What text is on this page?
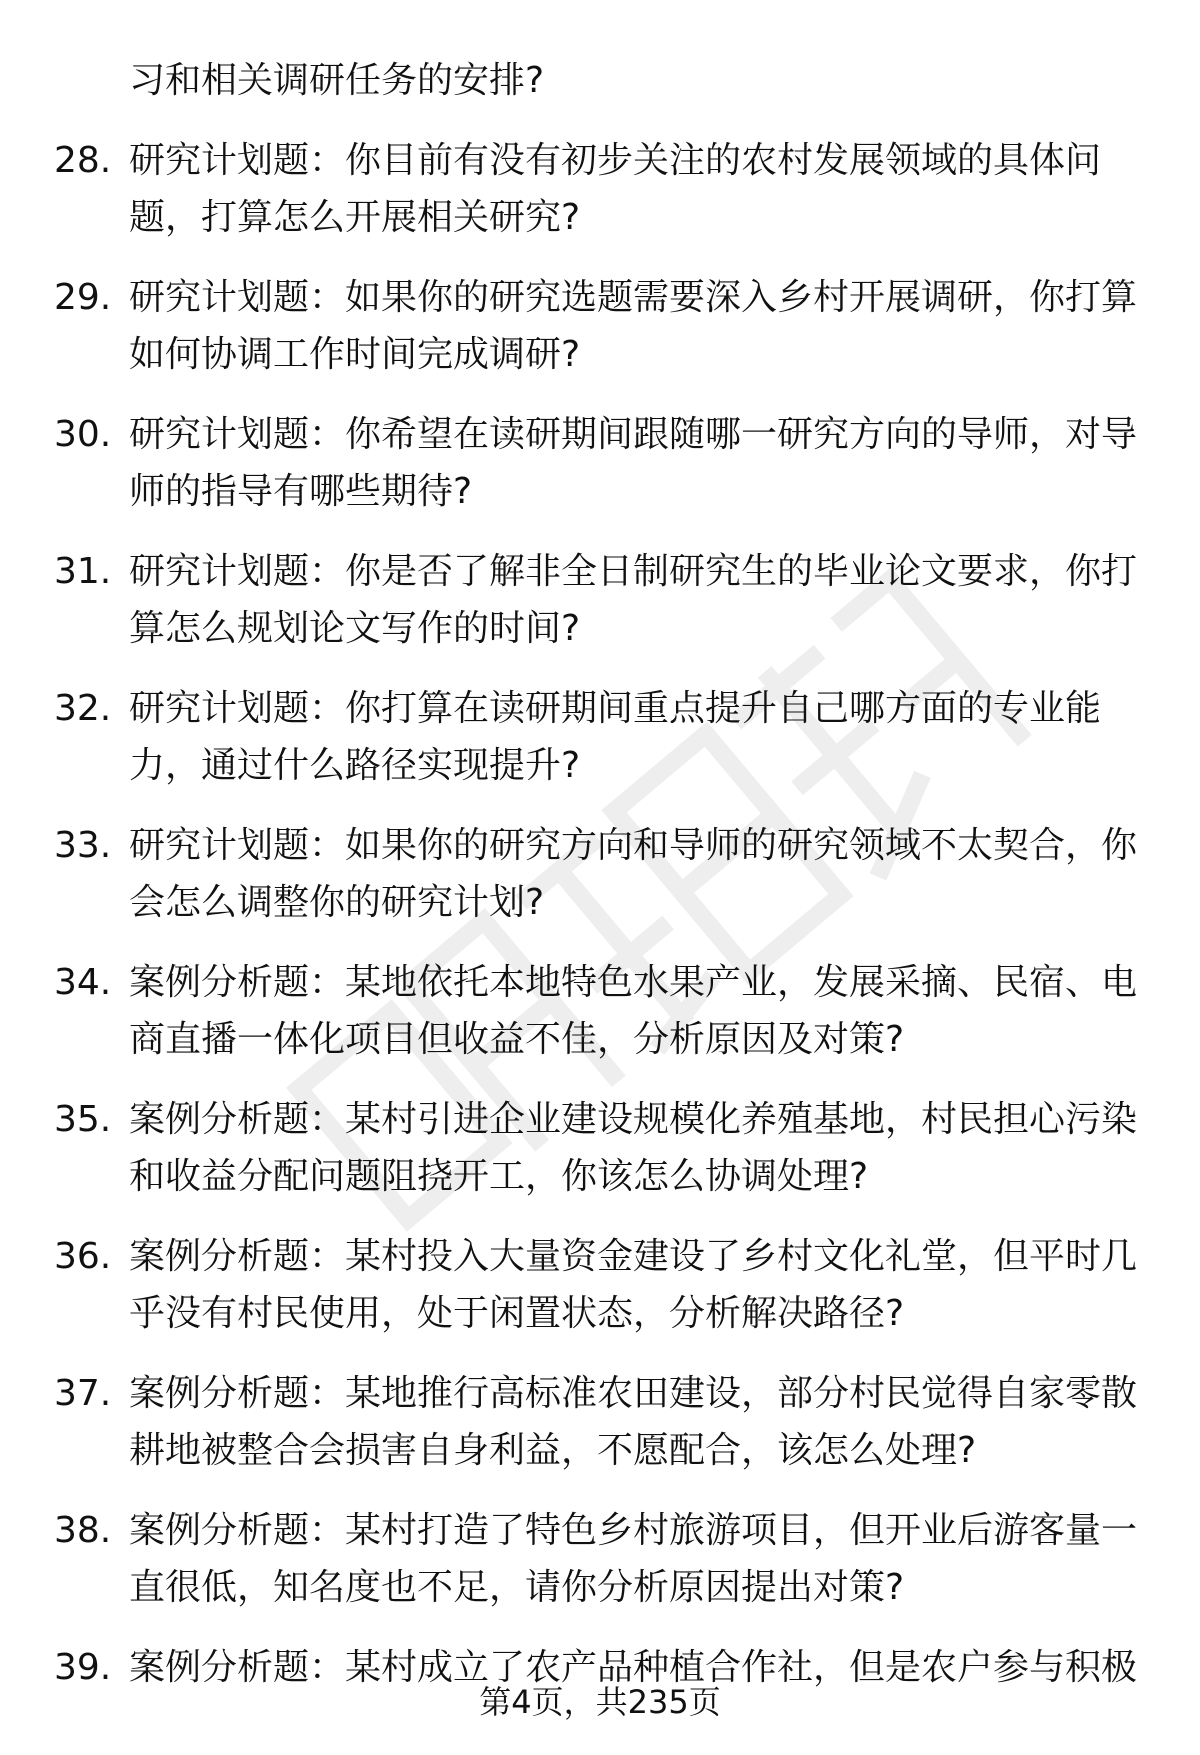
习和相关调研任务的安排?
28. 研究计划题：你目前有没有初步关注的农村发展领域的具体问
题，打算怎么开展相关研究?
29. 研究计划题：如果你的研究选题需要深入乡村开展调研，你打算
如何协调工作时间完成调研?
30. 研究计划题：你希望在读研期间跟随哪一研究方向的导师，对导
师的指导有哪些期待?
31. 研究计划题：你是否了解非全日制研究生的毕业论文要求，你打
算怎么规划论文写作的时间?
32. 研究计划题：你打算在读研期间重点提升自己哪方面的专业能
力，通过什么路径实现提升?
33. 研究计划题：如果你的研究方向和导师的研究领域不太契合，你
会怎么调整你的研究计划?
34. 案例分析题：某地依托本地特色水果产业，发展采摘、民宿、电
商直播一体化项目但收益不佳，分析原因及对策?
35. 案例分析题：某村引进企业建设规模化养殖基地，村民担心污染
和收益分配问题阻挠开工，你该怎么协调处理?
36. 案例分析题：某村投入大量资金建设了乡村文化礼堂，但平时几
乎没有村民使用，处于闲置状态，分析解决路径?
37. 案例分析题：某地推行高标准农田建设，部分村民觉得自家零散
耕地被整合会损害自身利益，不愿配合，该怎么处理?
38. 案例分析题：某村打造了特色乡村旅游项目，但开业后游客量一
直很低，知名度也不足，请你分析原因提出对策?
39. 案例分析题：某村成立了农产品种植合作社，但是农户参与积极
第4页，共235页
